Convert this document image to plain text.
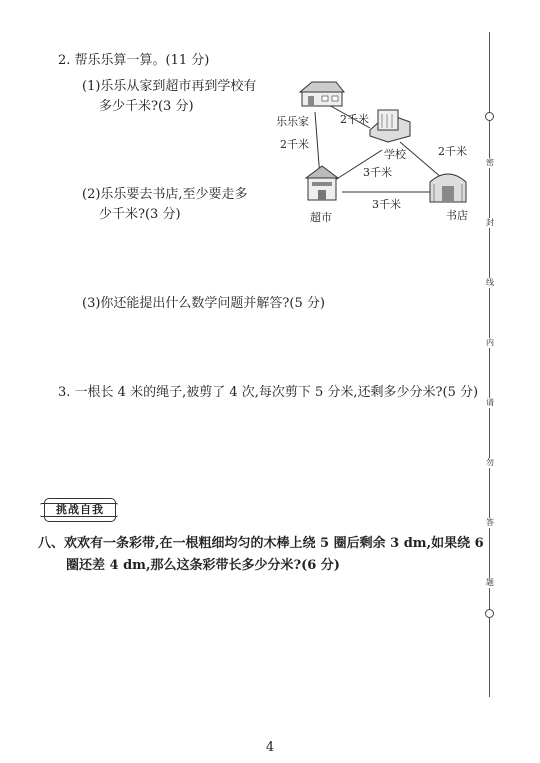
2. 帮乐乐算一算。(11 分)
(1)乐乐从家到超市再到学校有
多少千米?(3 分)
(2)乐乐要去书店,至少要走多
少千米?(3 分)
(3)你还能提出什么数学问题并解答?(5 分)
乐乐家	2千米
2千米
学校	2千米
3千米
3千米
超市	书店
3. 一根长 4 米的绳子,被剪了 4 次,每次剪下 5 分米,还剩多少分米?(5 分)
挑战自我
八、欢欢有一条彩带,在一根粗细均匀的木棒上绕 5 圈后剩余 3 dm,如果绕 6
圈还差 4 dm,那么这条彩带长多少分米?(6 分)
密
封
线
内
请
勿
答
题
4
